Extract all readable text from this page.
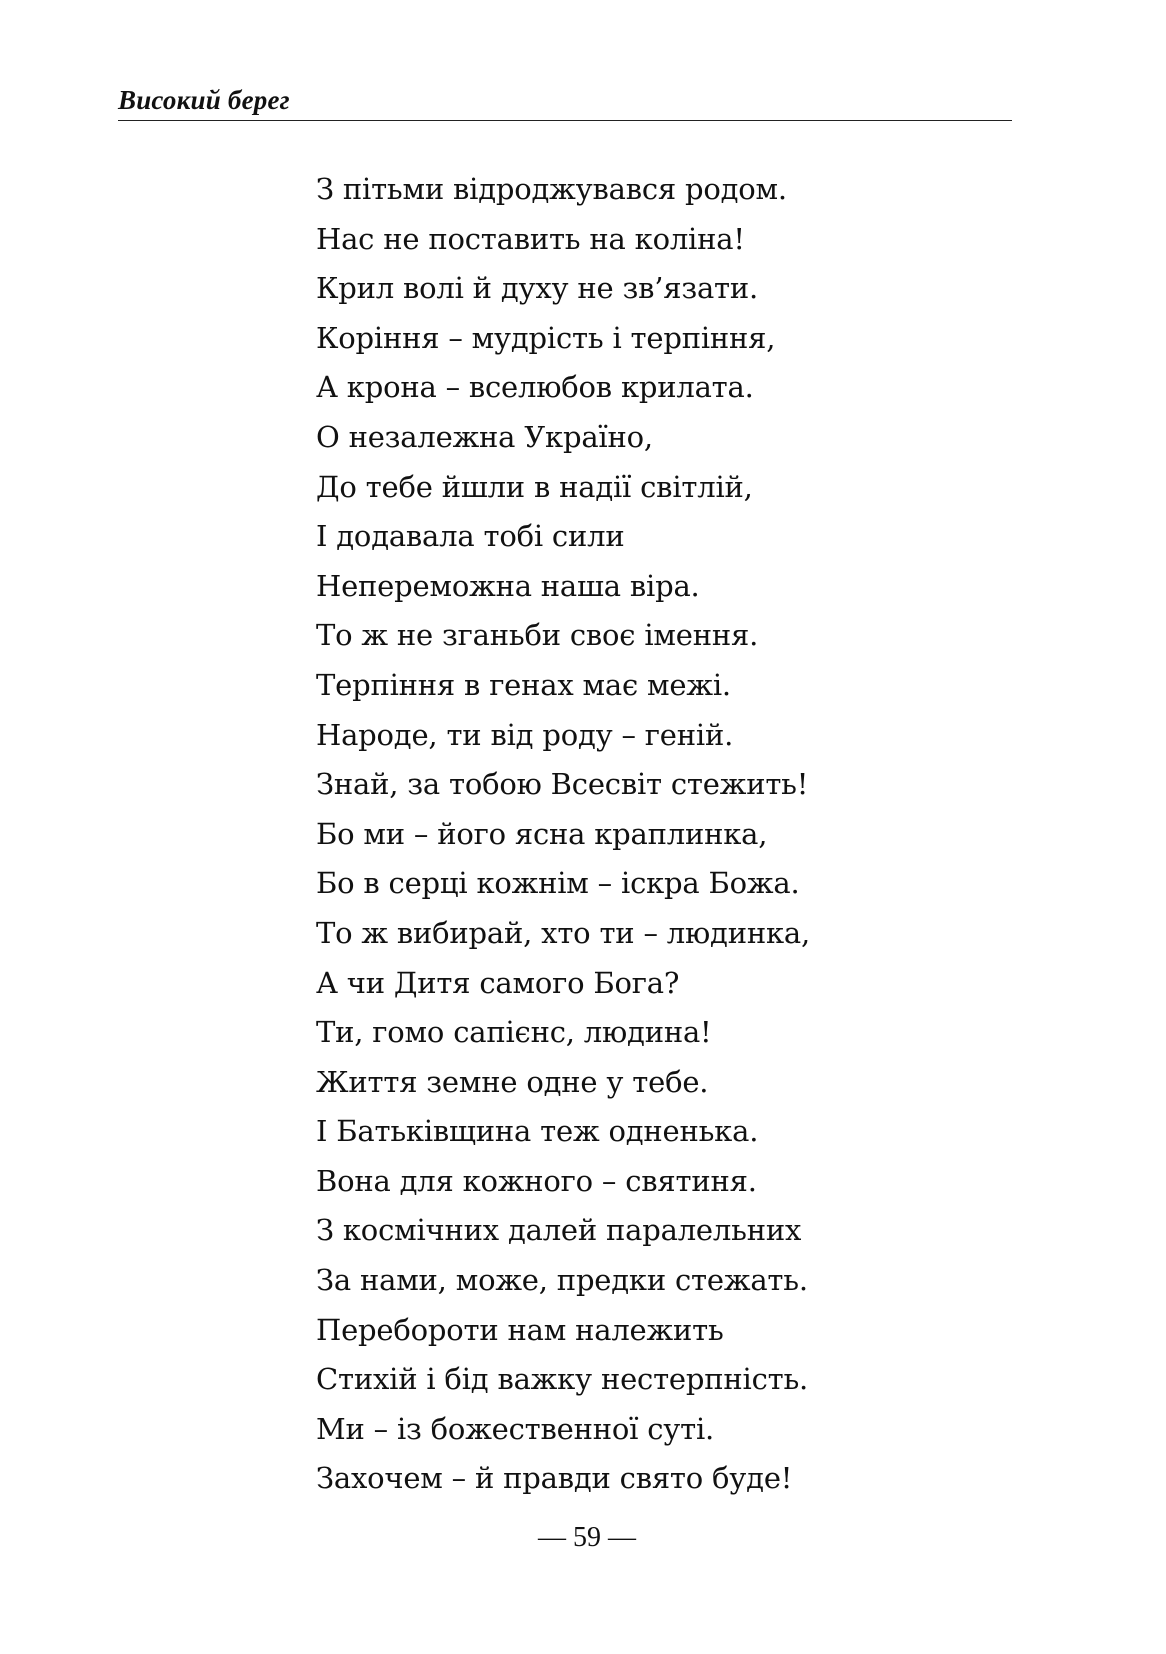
Високий берег
З пітьми відроджувався родом.
Нас не поставить на коліна!
Крил волі й духу не зв’язати.
Коріння – мудрість і терпіння,
А крона – вселюбов крилата.
О незалежна Україно,
До тебе йшли в надії світлій,
І додавала тобі сили
Непереможна наша віра.
То ж не зганьби своє імення.
Терпіння в генах має межі.
Народе, ти від роду – геній.
Знай, за тобою Всесвіт стежить!
Бо ми – його ясна краплинка,
Бо в серці кожнім – іскра Божа.
То ж вибирай, хто ти – людинка,
А чи Дитя самого Бога?
Ти, гомо сапієнс, людина!
Життя земне одне у тебе.
І Батьківщина теж одненька.
Вона для кожного – святиня.
З космічних далей паралельних
За нами, може, предки стежать.
Перебороти нам належить
Стихій і бід важку нестерпність.
Ми – із божественної суті.
Захочем – й правди свято буде!
— 59 —
